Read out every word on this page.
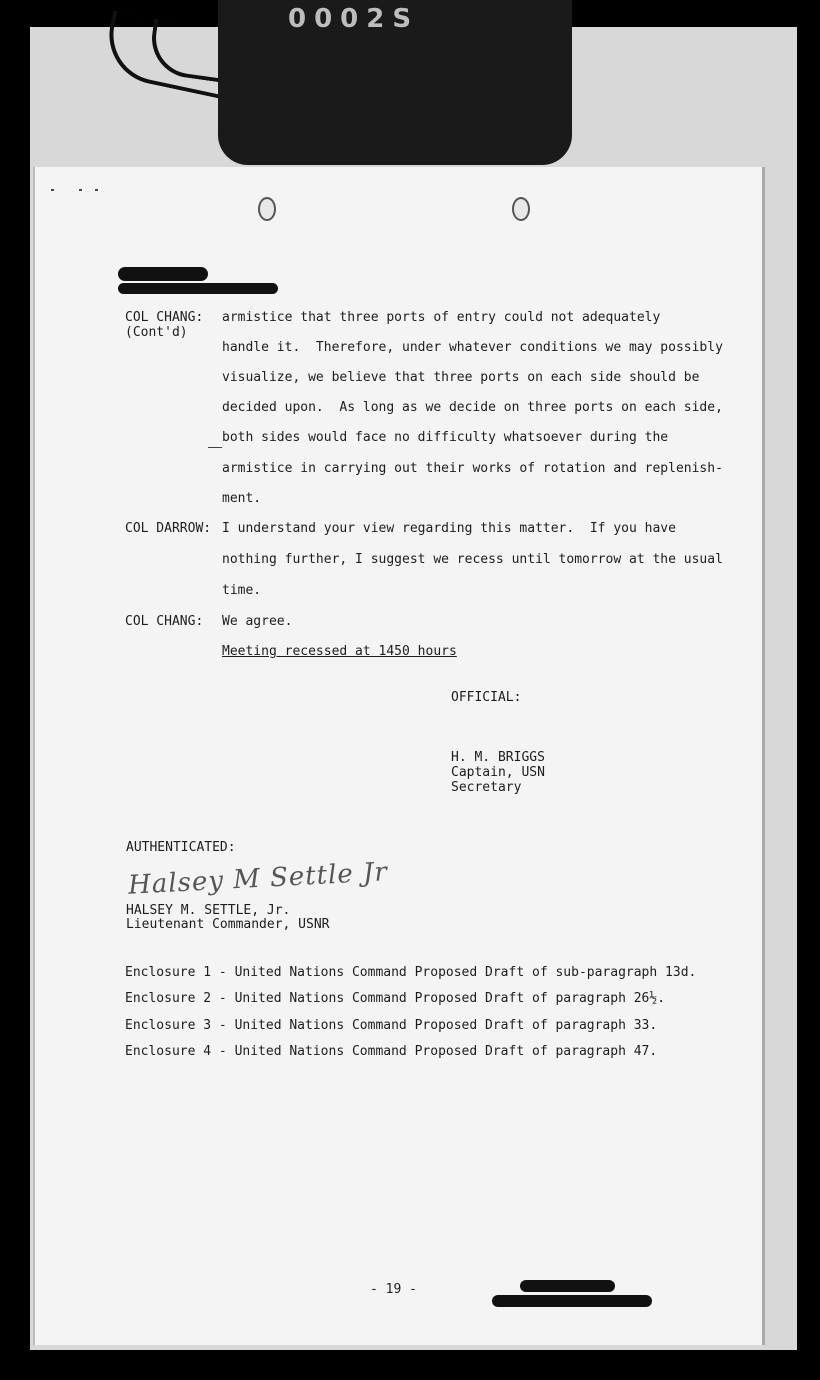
0002S
COL CHANG:
(Cont'd)
armistice that three ports of entry could not adequately
handle it.  Therefore, under whatever conditions we may possibly
visualize, we believe that three ports on each side should be
decided upon.  As long as we decide on three ports on each side,
both sides would face no difficulty whatsoever during the
armistice in carrying out their works of rotation and replenish-
ment.
COL DARROW: I understand your view regarding this matter.  If you have
nothing further, I suggest we recess until tomorrow at the usual
time.
COL CHANG: We agree.
Meeting recessed at 1450 hours
OFFICIAL:
H. M. BRIGGS
Captain, USN
Secretary
AUTHENTICATED:
Halsey M Settle Jr
HALSEY M. SETTLE, Jr.
Lieutenant Commander, USNR
Enclosure 1 - United Nations Command Proposed Draft of sub-paragraph 13d.
Enclosure 2 - United Nations Command Proposed Draft of paragraph 26½.
Enclosure 3 - United Nations Command Proposed Draft of paragraph 33.
Enclosure 4 - United Nations Command Proposed Draft of paragraph 47.
- 19 -
